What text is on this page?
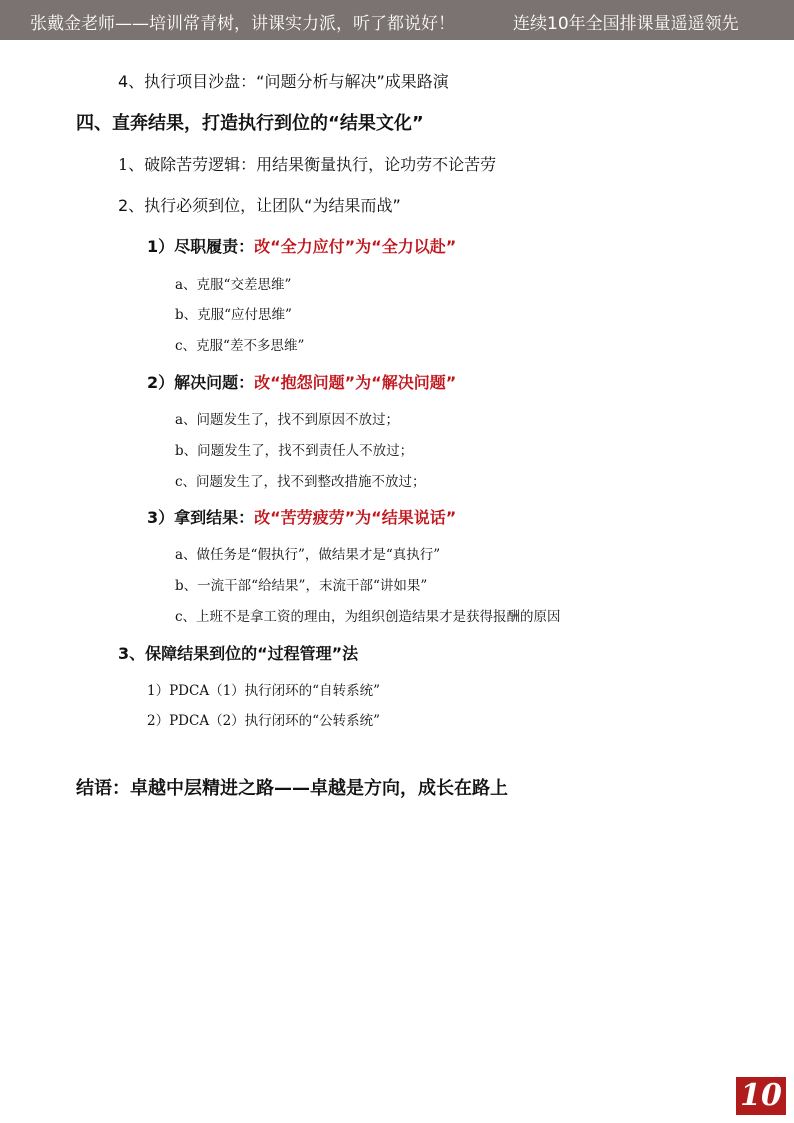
张戴金老师——培训常青树，讲课实力派，听了都说好！	连续10年全国排课量遥遥领先
4、执行项目沙盘：“问题分析与解决”成果路演
四、直奔结果，打造执行到位的“结果文化”
1、破除苦劳逻辑：用结果衡量执行，论功劳不论苦劳
2、执行必须到位，让团队“为结果而战”
1）尽职履责：改“全力应付”为“全力以赴”
a、克服“交差思维”
b、克服“应付思维”
c、克服“差不多思维”
2）解决问题：改“抱怨问题”为“解决问题”
a、问题发生了，找不到原因不放过；
b、问题发生了，找不到责任人不放过；
c、问题发生了，找不到整改措施不放过；
3）拿到结果：改“苦劳疲劳”为“结果说话”
a、做任务是“假执行”，做结果才是“真执行”
b、一流干部“给结果”，末流干部“讲如果”
c、上班不是拿工资的理由，为组织创造结果才是获得报酬的原因
3、保障结果到位的“过程管理”法
1）PDCA（1）执行闭环的“自转系统”
2）PDCA（2）执行闭环的“公转系统”
结语：卓越中层精进之路——卓越是方向，成长在路上
10
